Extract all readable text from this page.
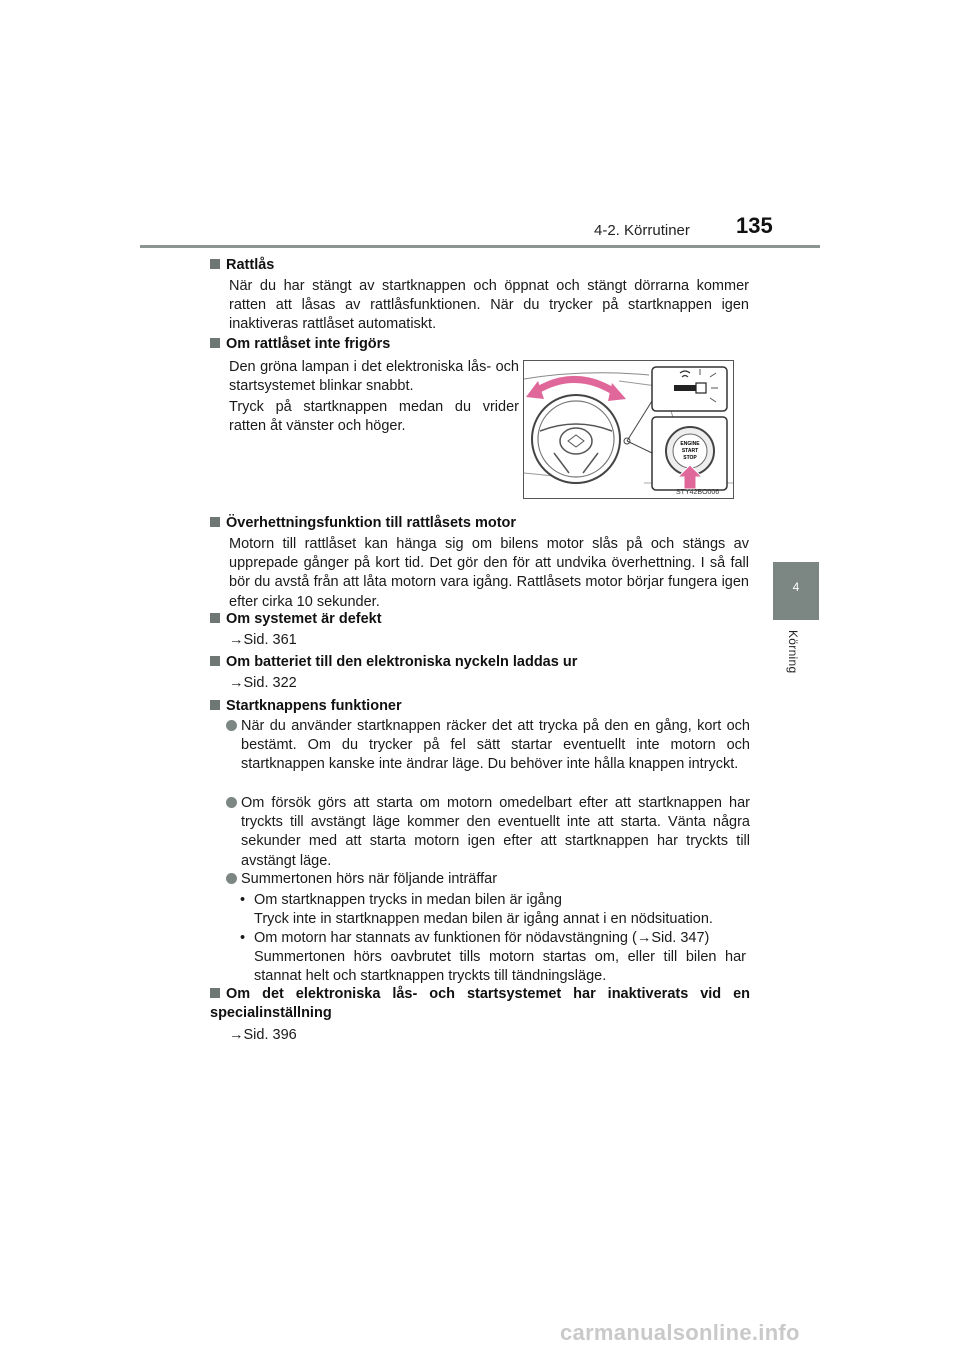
4-2. Körrutiner 135
4
Körning
Rattlås
När du har stängt av startknappen och öppnat och stängt dörrarna kommer ratten att låsas av rattlåsfunktionen. När du trycker på startknappen igen inaktiveras rattlåset automatiskt.
Om rattlåset inte frigörs
Den gröna lampan i det elektroniska lås- och startsystemet blinkar snabbt.
Tryck på startknappen medan du vrider ratten åt vänster och höger.
ENGINE
START
STOP
STY42BO006
Överhettningsfunktion till rattlåsets motor
Motorn till rattlåset kan hänga sig om bilens motor slås på och stängs av upprepade gånger på kort tid. Det gör den för att undvika överhettning. I så fall bör du avstå från att låta motorn vara igång. Rattlåsets motor börjar fungera igen efter cirka 10 sekunder.
Om systemet är defekt
→Sid. 361
Om batteriet till den elektroniska nyckeln laddas ur
→Sid. 322
Startknappens funktioner
När du använder startknappen räcker det att trycka på den en gång, kort och bestämt. Om du trycker på fel sätt startar eventuellt inte motorn och startknappen kanske inte ändrar läge. Du behöver inte hålla knappen intryckt.
Om försök görs att starta om motorn omedelbart efter att startknappen har tryckts till avstängt läge kommer den eventuellt inte att starta. Vänta några sekunder med att starta motorn igen efter att startknappen har tryckts till avstängt läge.
Summertonen hörs när följande inträffar
• Om startknappen trycks in medan bilen är igång
Tryck inte in startknappen medan bilen är igång annat i en nödsituation.
• Om motorn har stannats av funktionen för nödavstängning (→Sid. 347)
Summertonen hörs oavbrutet tills motorn startas om, eller till bilen har stannat helt och startknappen tryckts till tändningsläge.
Om det elektroniska lås- och startsystemet har inaktiverats vid en specialinställning
→Sid. 396
carmanualsonline.info
